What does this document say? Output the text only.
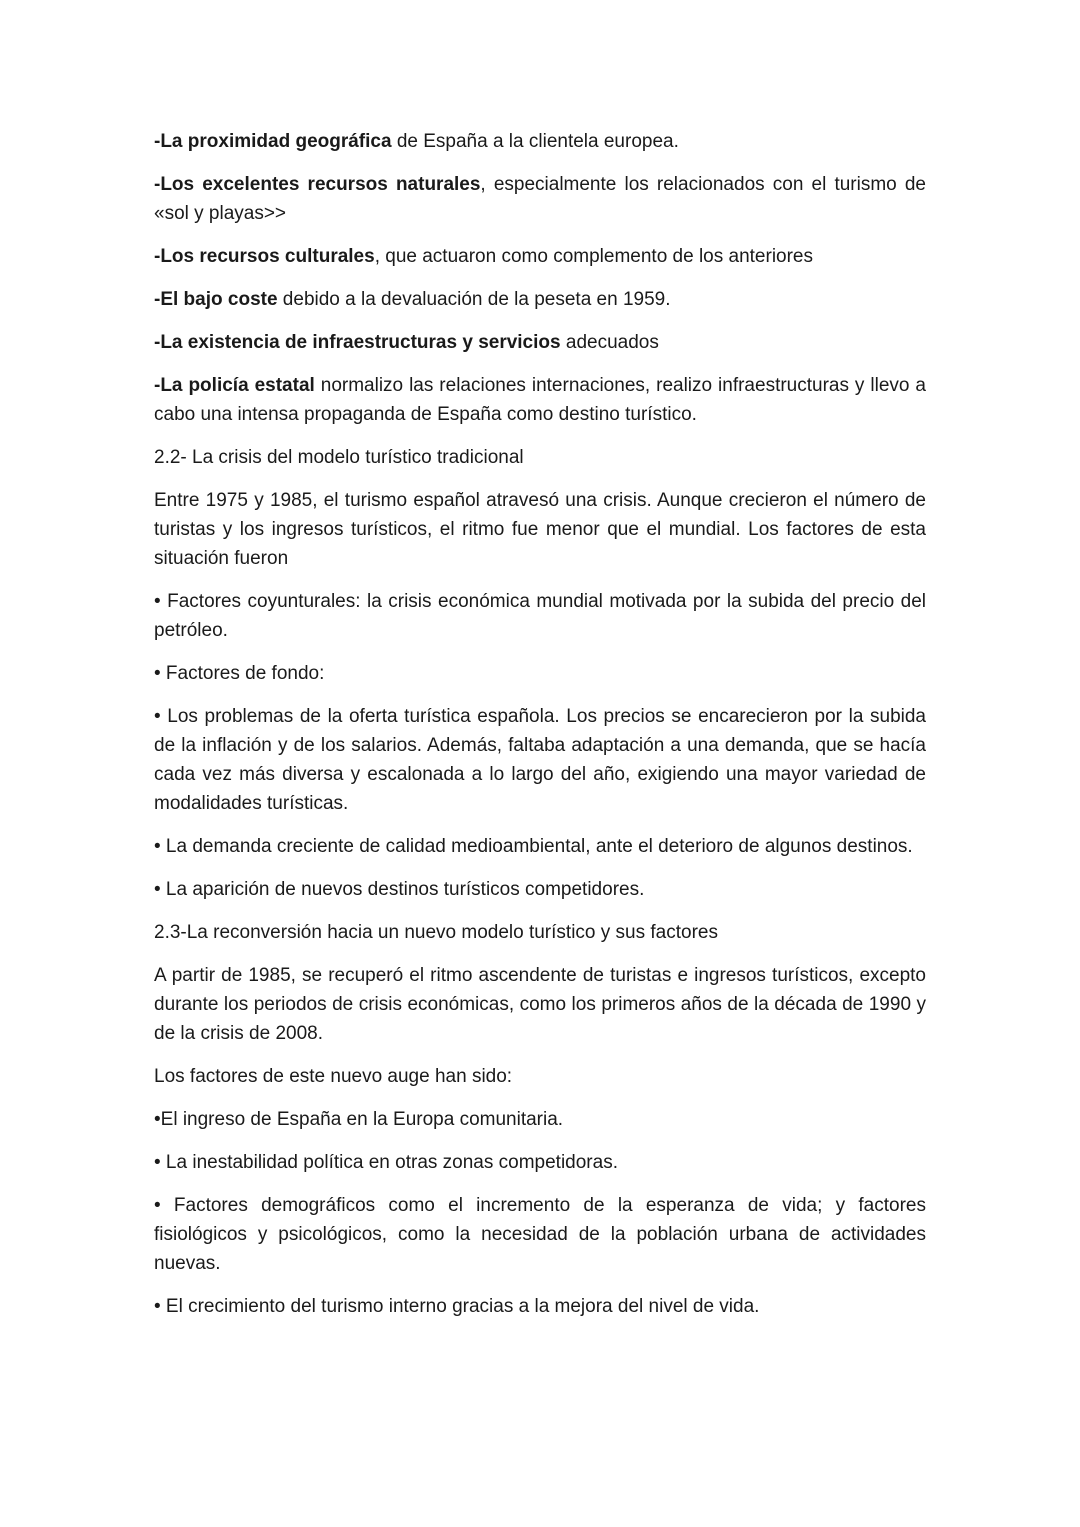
-La proximidad geográfica de España a la clientela europea.

-Los excelentes recursos naturales, especialmente los relacionados con el turismo de «sol y playas>>

-Los recursos culturales, que actuaron como complemento de los anteriores

-El bajo coste debido a la devaluación de la peseta en 1959.

-La existencia de infraestructuras y servicios adecuados

-La policía estatal normalizo las relaciones internaciones, realizo infraestructuras y llevo a cabo una intensa propaganda de España como destino turístico.

2.2- La crisis del modelo turístico tradicional

Entre 1975 y 1985, el turismo español atravesó una crisis. Aunque crecieron el número de turistas y los ingresos turísticos, el ritmo fue menor que el mundial. Los factores de esta situación fueron

• Factores coyunturales: la crisis económica mundial motivada por la subida del precio del petróleo.

• Factores de fondo:

• Los problemas de la oferta turística española. Los precios se encarecieron por la subida de la inflación y de los salarios. Además, faltaba adaptación a una demanda, que se hacía cada vez más diversa y escalonada a lo largo del año, exigiendo una mayor variedad de modalidades turísticas.

• La demanda creciente de calidad medioambiental, ante el deterioro de algunos destinos.

• La aparición de nuevos destinos turísticos competidores.

2.3-La reconversión hacia un nuevo modelo turístico y sus factores

A partir de 1985, se recuperó el ritmo ascendente de turistas e ingresos turísticos, excepto durante los periodos de crisis económicas, como los primeros años de la década de 1990 y de la crisis de 2008.

Los factores de este nuevo auge han sido:

•El ingreso de España en la Europa comunitaria.

• La inestabilidad política en otras zonas competidoras.

• Factores demográficos como el incremento de la esperanza de vida; y factores fisiológicos y psicológicos, como la necesidad de la población urbana de actividades nuevas.

• El crecimiento del turismo interno gracias a la mejora del nivel de vida.
